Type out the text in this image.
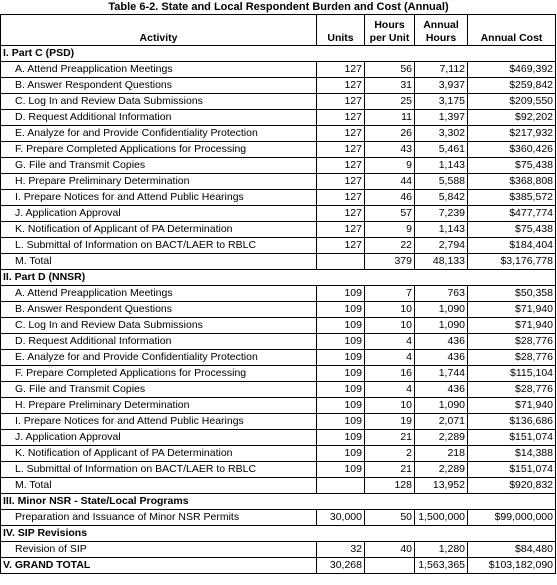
Table 6-2. State and Local Respondent Burden and Cost (Annual)
Activity	Units	Hours per Unit	Annual Hours	Annual Cost
I. Part C (PSD)				
A. Attend Preapplication Meetings	127	56	7,112	$469,392
B. Answer Respondent Questions	127	31	3,937	$259,842
C. Log In and Review Data Submissions	127	25	3,175	$209,550
D. Request Additional Information	127	11	1,397	$92,202
E. Analyze for and Provide Confidentiality Protection	127	26	3,302	$217,932
F. Prepare Completed Applications for Processing	127	43	5,461	$360,426
G. File and Transmit Copies	127	9	1,143	$75,438
H. Prepare Preliminary Determination	127	44	5,588	$368,808
I. Prepare Notices for and Attend Public Hearings	127	46	5,842	$385,572
J. Application Approval	127	57	7,239	$477,774
K. Notification of Applicant of PA Determination	127	9	1,143	$75,438
L. Submittal of Information on BACT/LAER to RBLC	127	22	2,794	$184,404
M. Total		379	48,133	$3,176,778
II. Part D (NNSR)				
A. Attend Preapplication Meetings	109	7	763	$50,358
B. Answer Respondent Questions	109	10	1,090	$71,940
C. Log In and Review Data Submissions	109	10	1,090	$71,940
D. Request Additional Information	109	4	436	$28,776
E. Analyze for and Provide Confidentiality Protection	109	4	436	$28,776
F. Prepare Completed Applications for Processing	109	16	1,744	$115,104
G. File and Transmit Copies	109	4	436	$28,776
H. Prepare Preliminary Determination	109	10	1,090	$71,940
I. Prepare Notices for and Attend Public Hearings	109	19	2,071	$136,686
J. Application Approval	109	21	2,289	$151,074
K. Notification of Applicant of PA Determination	109	2	218	$14,388
L. Submittal of Information on BACT/LAER to RBLC	109	21	2,289	$151,074
M. Total		128	13,952	$920,832
III. Minor NSR - State/Local Programs				
Preparation and Issuance of Minor NSR Permits	30,000	50	1,500,000	$99,000,000
IV. SIP Revisions				
Revision of SIP	32	40	1,280	$84,480
V. GRAND TOTAL	30,268		1,563,365	$103,182,090
